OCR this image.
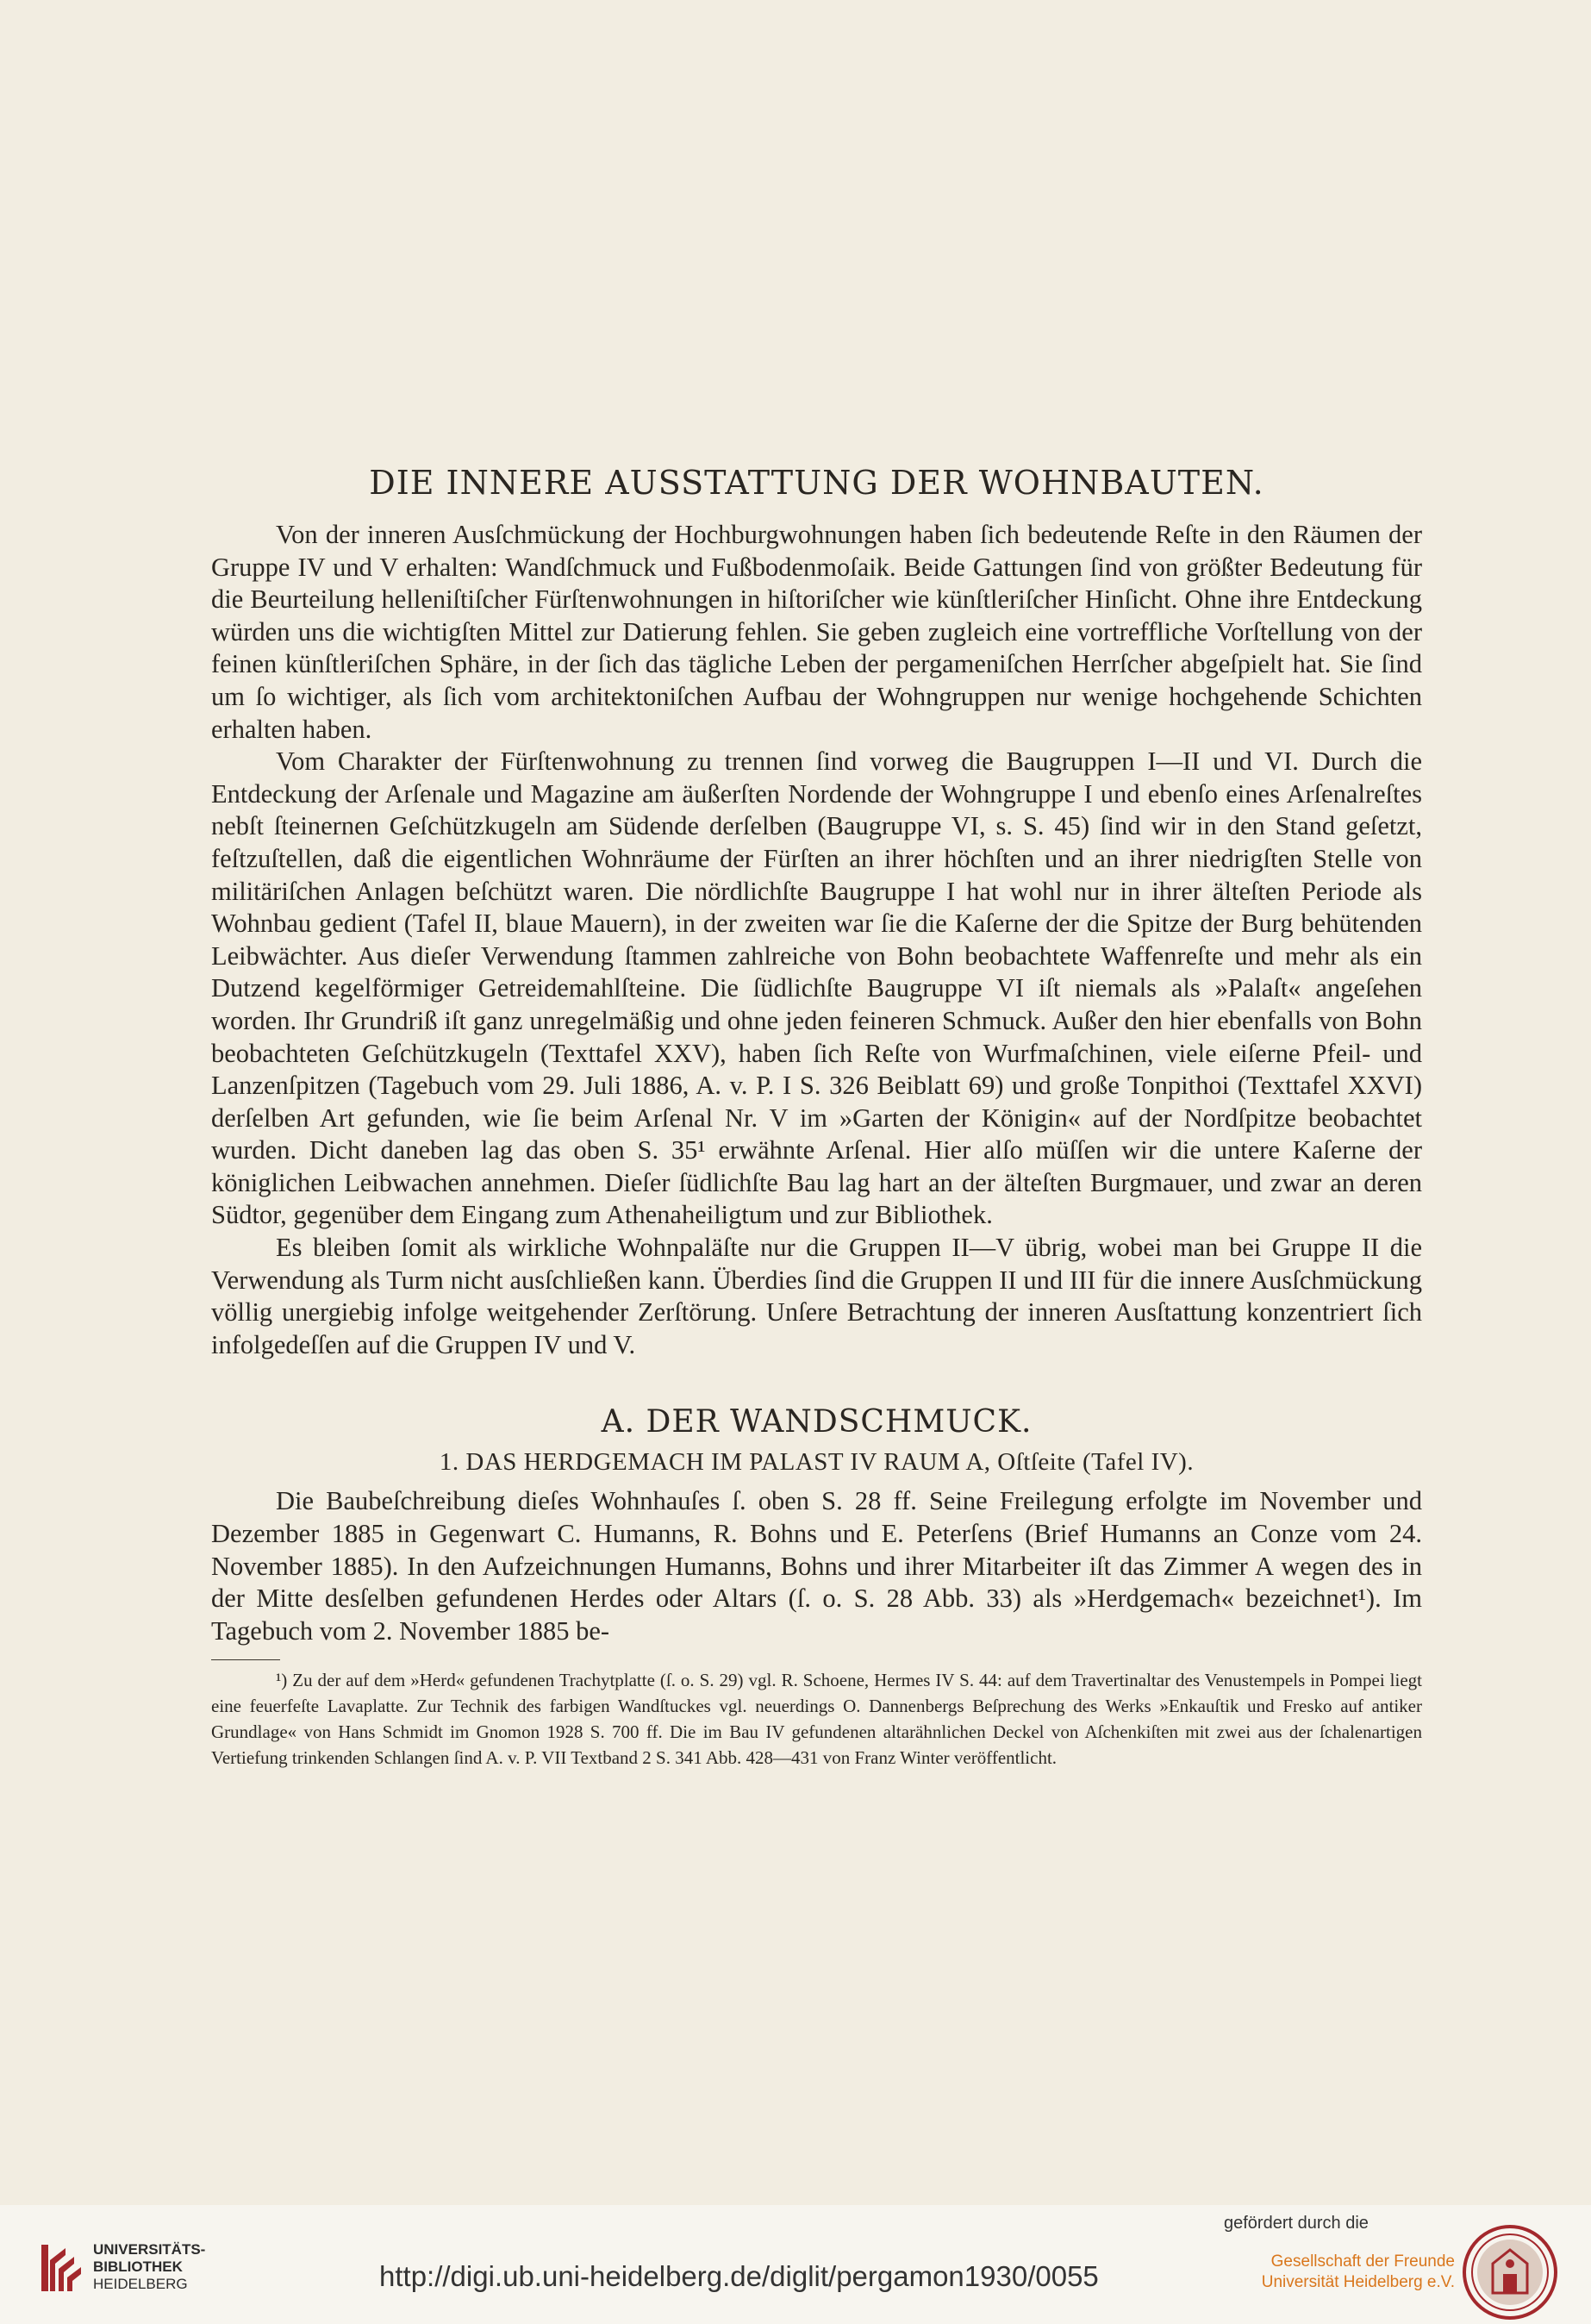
DIE INNERE AUSSTATTUNG DER WOHNBAUTEN.

Von der inneren Ausſchmückung der Hochburgwohnungen haben ſich bedeutende Reſte in den Räumen der Gruppe IV und V erhalten: Wandſchmuck und Fußbodenmoſaik. Beide Gattungen ſind von größter Bedeutung für die Beurteilung helleniſtiſcher Fürſtenwohnungen in hiſtoriſcher wie künſtleriſcher Hinſicht. Ohne ihre Entdeckung würden uns die wichtigſten Mittel zur Datierung fehlen. Sie geben zugleich eine vortreffliche Vorſtellung von der feinen künſtleriſchen Sphäre, in der ſich das tägliche Leben der pergameniſchen Herrſcher abgeſpielt hat. Sie ſind um ſo wichtiger, als ſich vom architektoniſchen Aufbau der Wohngruppen nur wenige hochgehende Schichten erhalten haben.

Vom Charakter der Fürſtenwohnung zu trennen ſind vorweg die Baugruppen I—II und VI. Durch die Entdeckung der Arſenale und Magazine am äußerſten Nordende der Wohngruppe I und ebenſo eines Arſenalreſtes nebſt ſteinernen Geſchützkugeln am Südende derſelben (Baugruppe VI, s. S. 45) ſind wir in den Stand geſetzt, feſtzuſtellen, daß die eigentlichen Wohnräume der Fürſten an ihrer höchſten und an ihrer niedrigſten Stelle von militäriſchen Anlagen beſchützt waren. Die nördlichſte Baugruppe I hat wohl nur in ihrer älteſten Periode als Wohnbau gedient (Tafel II, blaue Mauern), in der zweiten war ſie die Kaſerne der die Spitze der Burg behütenden Leibwächter. Aus dieſer Verwendung ſtammen zahlreiche von Bohn beobachtete Waffenreſte und mehr als ein Dutzend kegelförmiger Getreidemahlſteine. Die ſüdlichſte Baugruppe VI iſt niemals als »Palaſt« angeſehen worden. Ihr Grundriß iſt ganz unregelmäßig und ohne jeden feineren Schmuck. Außer den hier ebenfalls von Bohn beobachteten Geſchützkugeln (Texttafel XXV), haben ſich Reſte von Wurfmaſchinen, viele eiſerne Pfeil- und Lanzenſpitzen (Tagebuch vom 29. Juli 1886, A. v. P. I S. 326 Beiblatt 69) und große Tonpithoi (Texttafel XXVI) derſelben Art gefunden, wie ſie beim Arſenal Nr. V im »Garten der Königin« auf der Nordſpitze beobachtet wurden. Dicht daneben lag das oben S. 35¹ erwähnte Arſenal. Hier alſo müſſen wir die untere Kaſerne der königlichen Leibwachen annehmen. Dieſer ſüdlichſte Bau lag hart an der älteſten Burgmauer, und zwar an deren Südtor, gegenüber dem Eingang zum Athenaheiligtum und zur Bibliothek.

Es bleiben ſomit als wirkliche Wohnpaläſte nur die Gruppen II—V übrig, wobei man bei Gruppe II die Verwendung als Turm nicht ausſchließen kann. Überdies ſind die Gruppen II und III für die innere Ausſchmückung völlig unergiebig infolge weitgehender Zerſtörung. Unſere Betrachtung der inneren Ausſtattung konzentriert ſich infolgedeſſen auf die Gruppen IV und V.

A. DER WANDSCHMUCK.
1. DAS HERDGEMACH IM PALAST IV RAUM A, Oſtſeite (Tafel IV).

Die Baubeſchreibung dieſes Wohnhauſes ſ. oben S. 28 ff. Seine Freilegung erfolgte im November und Dezember 1885 in Gegenwart C. Humanns, R. Bohns und E. Peterſens (Brief Humanns an Conze vom 24. November 1885). In den Aufzeichnungen Humanns, Bohns und ihrer Mitarbeiter iſt das Zimmer A wegen des in der Mitte desſelben gefundenen Herdes oder Altars (ſ. o. S. 28 Abb. 33) als »Herdgemach« bezeichnet¹). Im Tagebuch vom 2. November 1885 be-

¹) Zu der auf dem »Herd« gefundenen Trachytplatte (ſ. o. S. 29) vgl. R. Schoene, Hermes IV S. 44: auf dem Travertinaltar des Venustempels in Pompei liegt eine feuerfeſte Lavaplatte. Zur Technik des farbigen Wandſtuckes vgl. neuerdings O. Dannenbergs Beſprechung des Werks »Enkauſtik und Fresko auf antiker Grundlage« von Hans Schmidt im Gnomon 1928 S. 700 ff. Die im Bau IV gefundenen altarähnlichen Deckel von Aſchenkiſten mit zwei aus der ſchalenartigen Vertiefung trinkenden Schlangen ſind A. v. P. VII Textband 2 S. 341 Abb. 428—431 von Franz Winter veröffentlicht.

UNIVERSITÄTS-
BIBLIOTHEK
HEIDELBERG	http://digi.ub.uni-heidelberg.de/diglit/pergamon1930/0055
gefördert durch die
Gesellschaft der Freunde
Universität Heidelberg e.V.
